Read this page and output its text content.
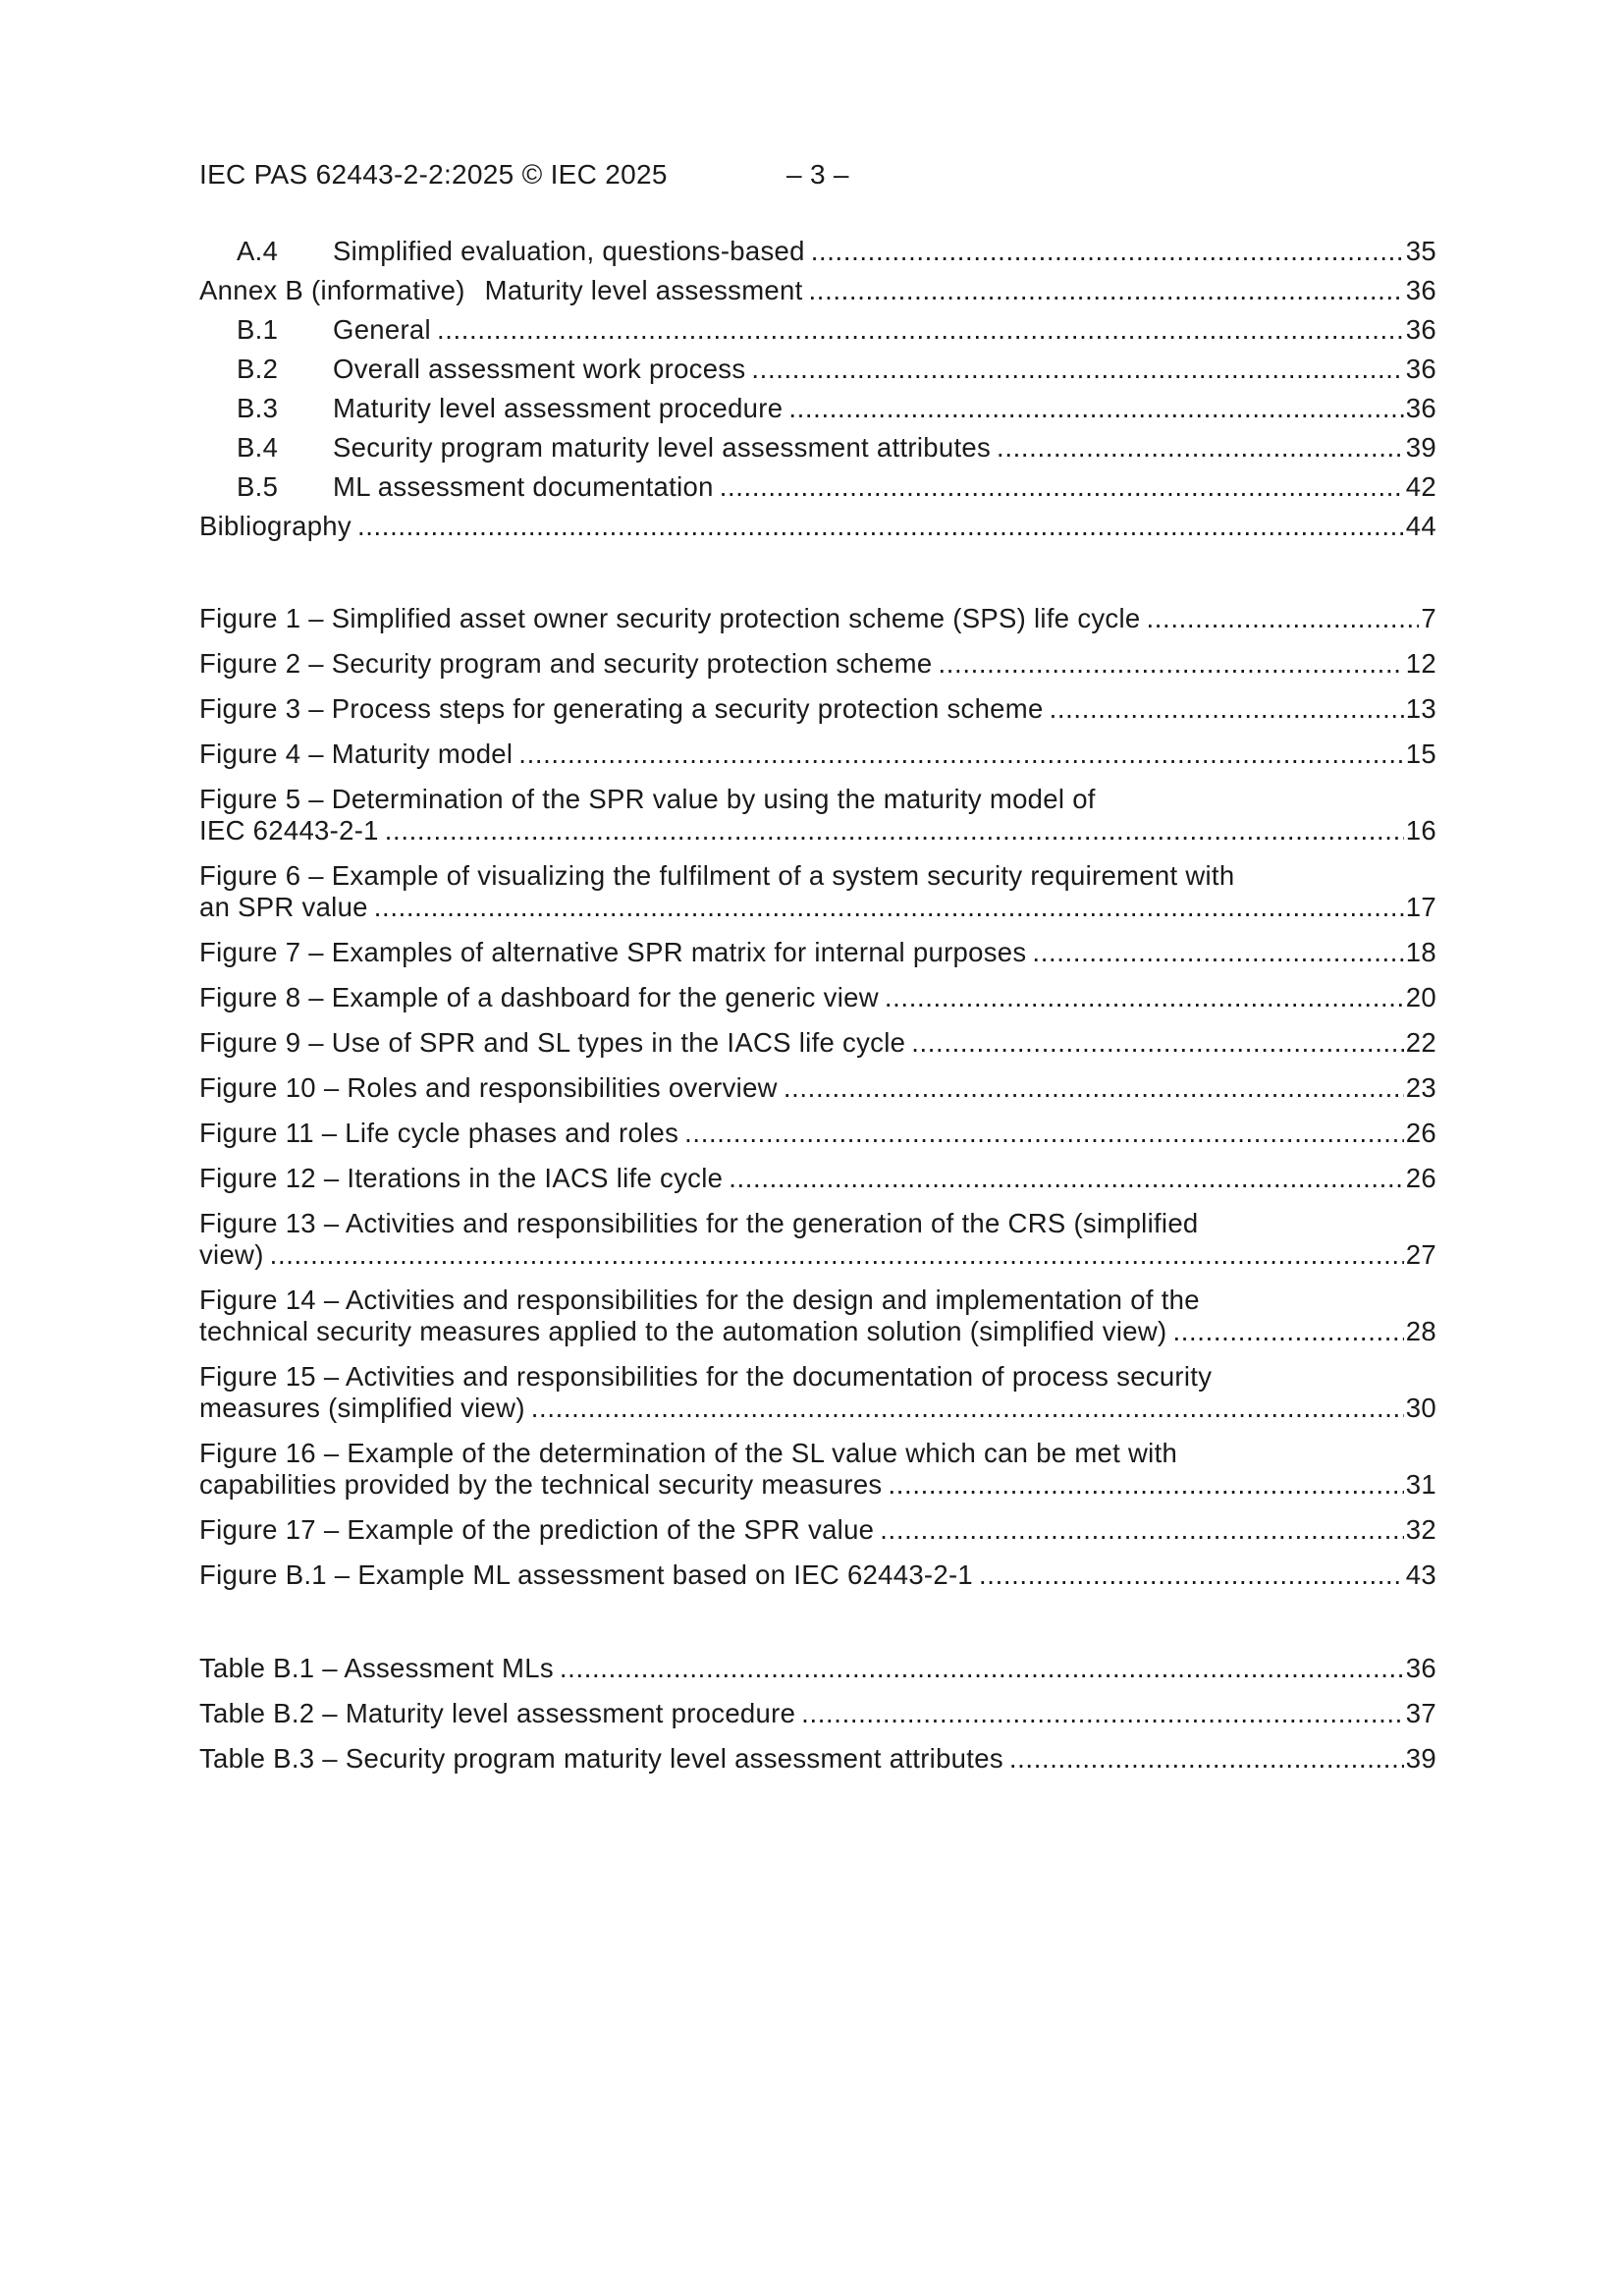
IEC PAS 62443-2-2:2025 © IEC 2025	– 3 –
A.4 Simplified evaluation, questions-based . . .	35
Annex B (informative) Maturity level assessment . . .	36
B.1 General . . .	36
B.2 Overall assessment work process . . .	36
B.3 Maturity level assessment procedure . . .	36
B.4 Security program maturity level assessment attributes . . .	39
B.5 ML assessment documentation . . .	42
Bibliography . . .	44
Figure 1 – Simplified asset owner security protection scheme (SPS) life cycle . . .	7
Figure 2 – Security program and security protection scheme . . .	12
Figure 3 – Process steps for generating a security protection scheme . . .	13
Figure 4 – Maturity model . . .	15
Figure 5 – Determination of the SPR value by using the maturity model of
IEC 62443-2-1 . . .	16
Figure 6 – Example of visualizing the fulfilment of a system security requirement with
an SPR value . . .	17
Figure 7 – Examples of alternative SPR matrix for internal purposes . . .	18
Figure 8 – Example of a dashboard for the generic view . . .	20
Figure 9 – Use of SPR and SL types in the IACS life cycle . . .	22
Figure 10 – Roles and responsibilities overview . . .	23
Figure 11 – Life cycle phases and roles . . .	26
Figure 12 – Iterations in the IACS life cycle . . .	26
Figure 13 – Activities and responsibilities for the generation of the CRS (simplified
view) . . .	27
Figure 14 – Activities and responsibilities for the design and implementation of the
technical security measures applied to the automation solution (simplified view) . . .	28
Figure 15 – Activities and responsibilities for the documentation of process security
measures (simplified view) . . .	30
Figure 16 – Example of the determination of the SL value which can be met with
capabilities provided by the technical security measures . . .	31
Figure 17 – Example of the prediction of the SPR value . . .	32
Figure B.1 – Example ML assessment based on IEC 62443-2-1 . . .	43
Table B.1 – Assessment MLs . . .	36
Table B.2 – Maturity level assessment procedure . . .	37
Table B.3 – Security program maturity level assessment attributes . . .	39
